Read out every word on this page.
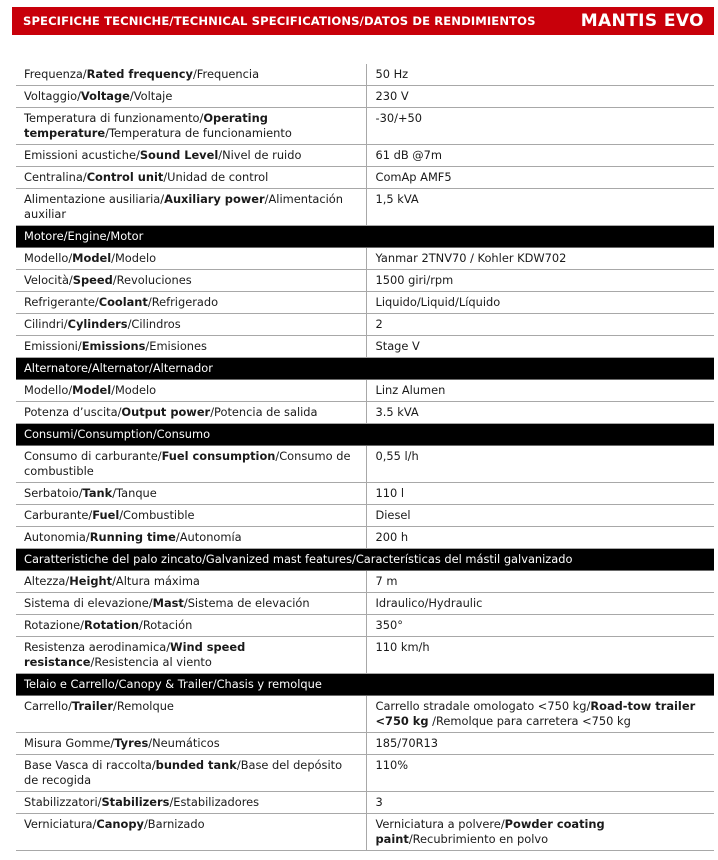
SPECIFICHE TECNICHE/TECHNICAL SPECIFICATIONS/DATOS DE RENDIMIENTOS	MANTIS EVO
Frequenza/Rated frequency/Frequencia	50 Hz
Voltaggio/Voltage/Voltaje	230 V
Temperatura di funzionamento/Operating temperature/Temperatura de funcionamiento	-30/+50
Emissioni acustiche/Sound Level/Nivel de ruido	61 dB @7m
Centralina/Control unit/Unidad de control	ComAp AMF5
Alimentazione ausiliaria/Auxiliary power/Alimentación auxiliar	1,5 kVA
Motore/Engine/Motor	
Modello/Model/Modelo	Yanmar 2TNV70 / Kohler KDW702
Velocità/Speed/Revoluciones	1500 giri/rpm
Refrigerante/Coolant/Refrigerado	Liquido/Liquid/Líquido
Cilindri/Cylinders/Cilindros	2
Emissioni/Emissions/Emisiones	Stage V
Alternatore/Alternator/Alternador	
Modello/Model/Modelo	Linz Alumen
Potenza d’uscita/Output power/Potencia de salida	3.5 kVA
Consumi/Consumption/Consumo	
Consumo di carburante/Fuel consumption/Consumo de combustible	0,55 l/h
Serbatoio/Tank/Tanque	110 l
Carburante/Fuel/Combustible	Diesel
Autonomia/Running time/Autonomía	200 h
Caratteristiche del palo zincato/Galvanized mast features/Características del mástil galvanizado	
Altezza/Height/Altura máxima	7 m
Sistema di elevazione/Mast/Sistema de elevación	Idraulico/Hydraulic
Rotazione/Rotation/Rotación	350°
Resistenza aerodinamica/Wind speed resistance/Resistencia al viento	110 km/h
Telaio e Carrello/Canopy & Trailer/Chasis y remolque	
Carrello/Trailer/Remolque	Carrello stradale omologato <750 kg/Road-tow trailer <750 kg /Remolque para carretera <750 kg
Misura Gomme/Tyres/Neumáticos	185/70R13
Base Vasca di raccolta/bunded tank/Base del depósito de recogida	110%
Stabilizzatori/Stabilizers/Estabilizadores	3
Verniciatura/Canopy/Barnizado	Verniciatura a polvere/Powder coating paint/Recubrimiento en polvo
